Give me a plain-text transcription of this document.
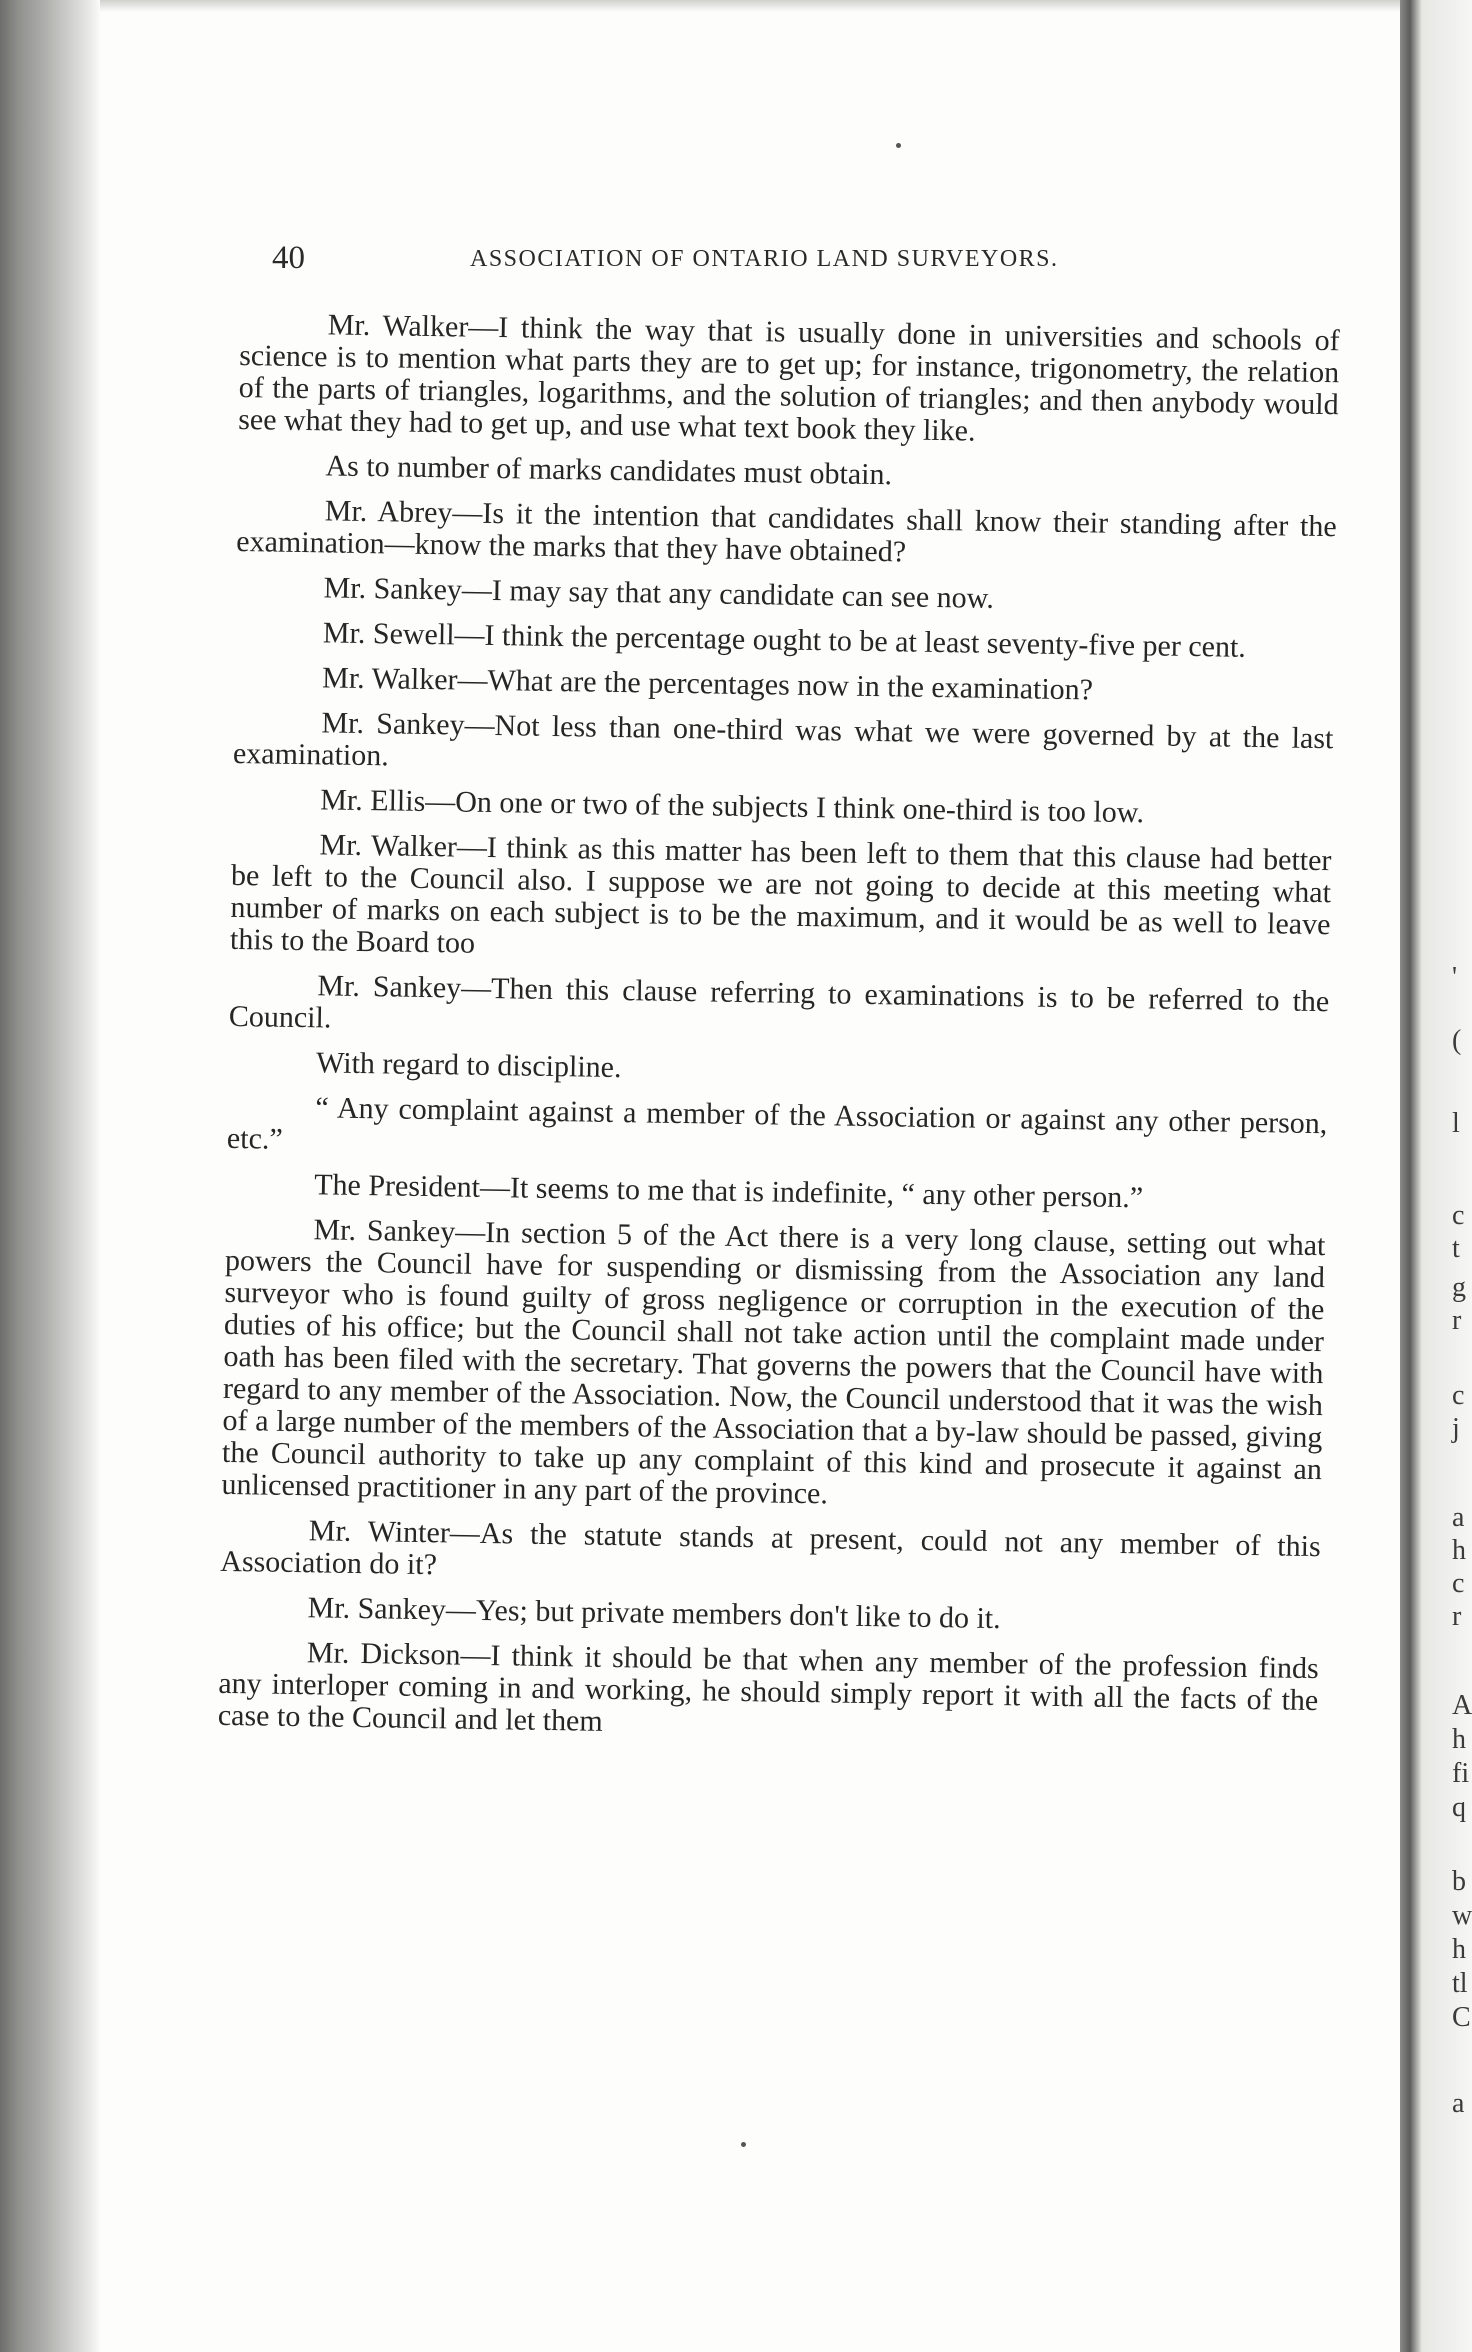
40	ASSOCIATION OF ONTARIO LAND SURVEYORS.

Mr. Walker—I think the way that is usually done in universities and schools of science is to mention what parts they are to get up; for instance, trigonometry, the relation of the parts of triangles, logarithms, and the solution of triangles; and then anybody would see what they had to get up, and use what text book they like.

As to number of marks candidates must obtain.

Mr. Abrey—Is it the intention that candidates shall know their standing after the examination—know the marks that they have obtained?

Mr. Sankey—I may say that any candidate can see now.

Mr. Sewell—I think the percentage ought to be at least seventy-five per cent.

Mr. Walker—What are the percentages now in the examination?

Mr. Sankey—Not less than one-third was what we were governed by at the last examination.

Mr. Ellis—On one or two of the subjects I think one-third is too low.

Mr. Walker—I think as this matter has been left to them that this clause had better be left to the Council also. I suppose we are not going to decide at this meeting what number of marks on each subject is to be the maximum, and it would be as well to leave this to the Board too

Mr. Sankey—Then this clause referring to examinations is to be referred to the Council.

With regard to discipline.

“ Any complaint against a member of the Association or against any other person, etc.”

The President—It seems to me that is indefinite, “ any other person.”

Mr. Sankey—In section 5 of the Act there is a very long clause, setting out what powers the Council have for suspending or dismissing from the Association any land surveyor who is found guilty of gross negligence or corruption in the execution of the duties of his office; but the Council shall not take action until the complaint made under oath has been filed with the secretary. That governs the powers that the Council have with regard to any member of the Association. Now, the Council understood that it was the wish of a large number of the members of the Association that a by-law should be passed, giving the Council authority to take up any complaint of this kind and prosecute it against an unlicensed practitioner in any part of the province.

Mr. Winter—As the statute stands at present, could not any member of this Association do it?

Mr. Sankey—Yes; but private members don't like to do it.

Mr. Dickson—I think it should be that when any member of the profession finds any interloper coming in and working, he should simply report it with all the facts of the case to the Council and let them

'
(
l
c
t
g
r
c
j
a
h
c
r
A
h
fi
q
b
w
h
tl
C
a
